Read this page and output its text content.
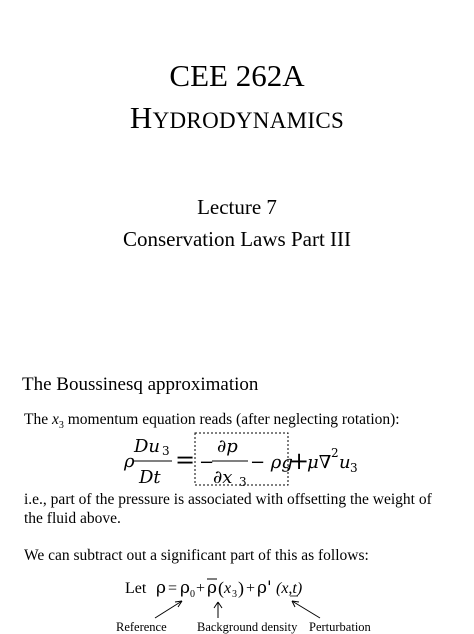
CEE 262A
HYDRODYNAMICS
Lecture 7
Conservation Laws Part III
The Boussinesq approximation
The $x_3$ momentum equation reads (after neglecting rotation):
ρ
Du 3
Dt
= −
∂p
∂x 3
− ρg
+
μ∇ 2 u 3
i.e., part of the pressure is associated with offsetting the weight of
the fluid above.
We can subtract out a significant part of this as follows:
Let ρ = ρ 0 + ρ ( x 3 ) + ρ' (x,t)
Reference Background density Perturbation
